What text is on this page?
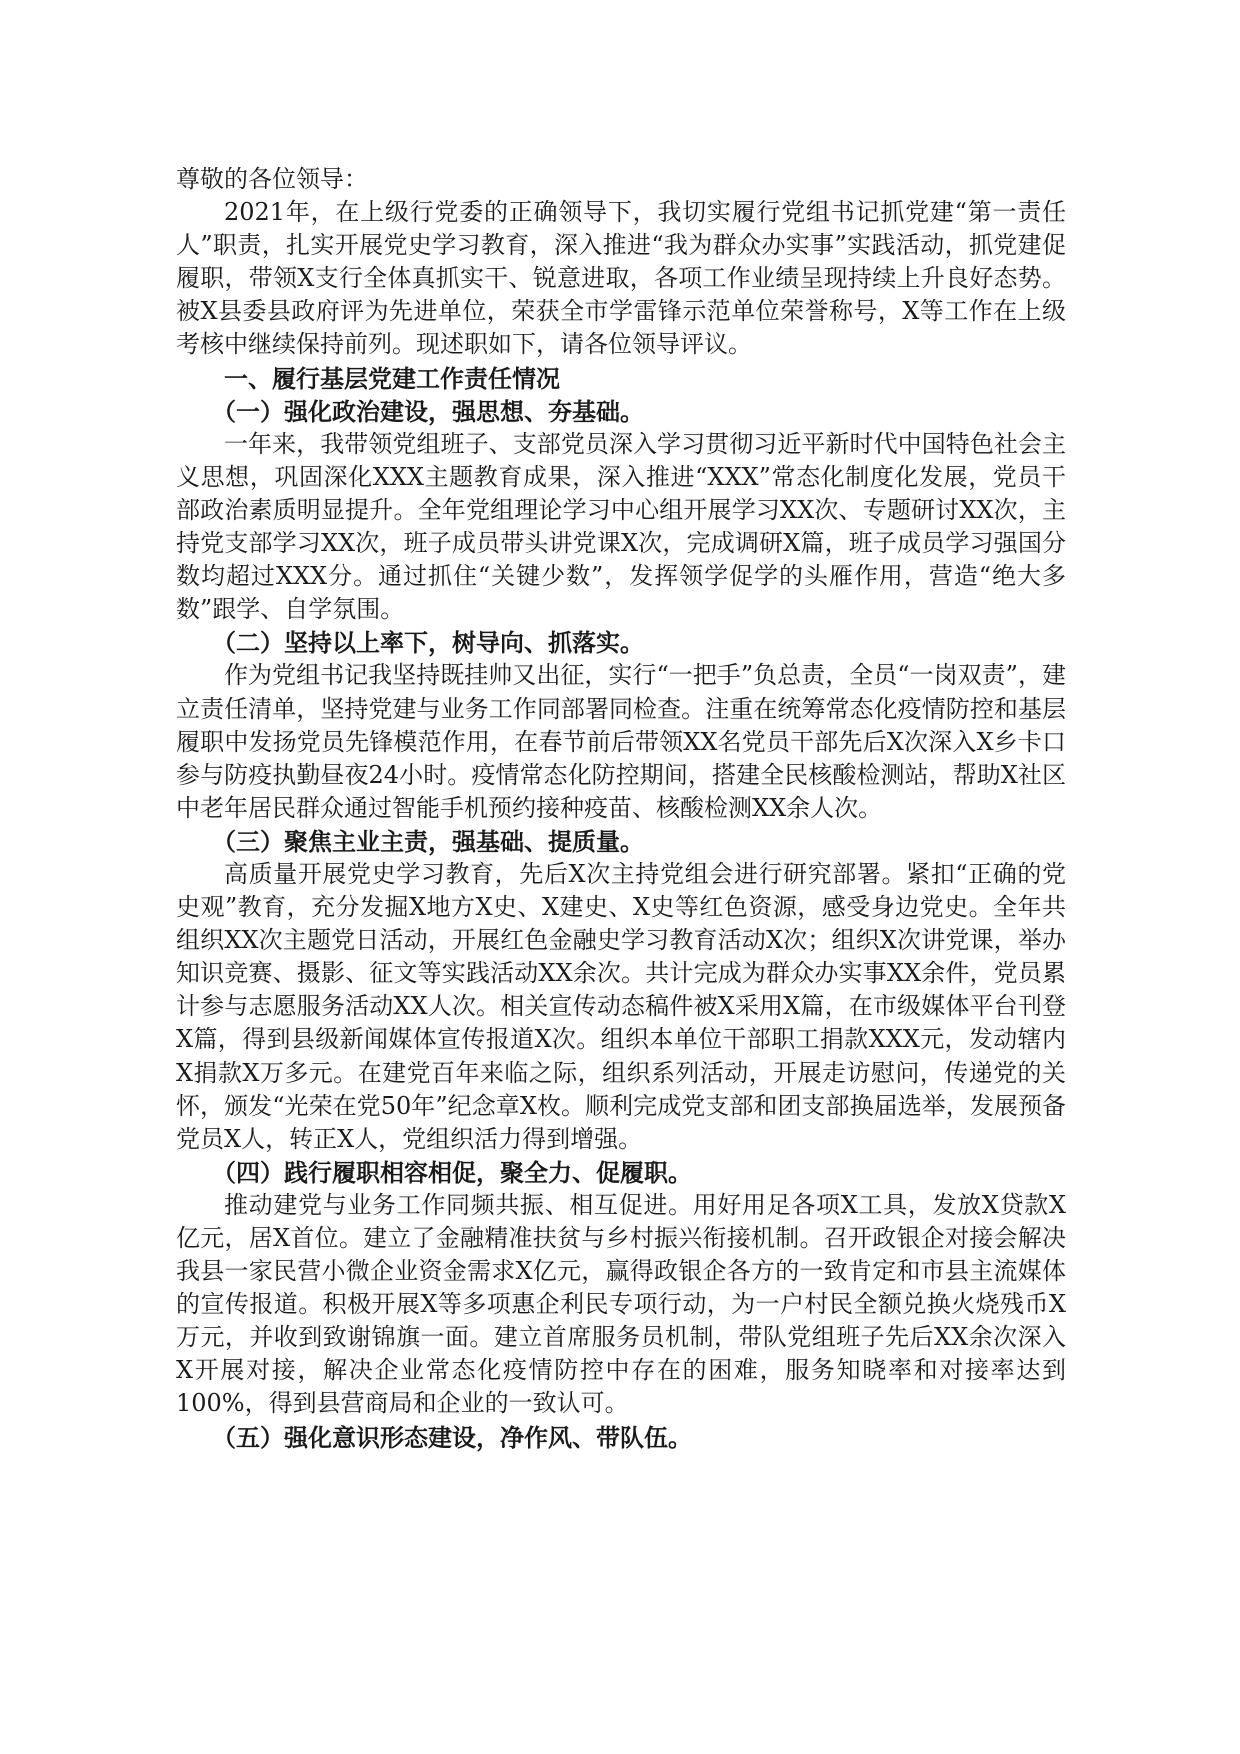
尊敬的各位领导：

2021年，在上级行党委的正确领导下，我切实履行党组书记抓党建“第一责任人”职责，扎实开展党史学习教育，深入推进“我为群众办实事”实践活动，抓党建促履职，带领X支行全体真抓实干、锐意进取，各项工作业绩呈现持续上升良好态势。被X县委县政府评为先进单位，荣获全市学雷锋示范单位荣誉称号，X等工作在上级考核中继续保持前列。现述职如下，请各位领导评议。

一、履行基层党建工作责任情况

（一）强化政治建设，强思想、夯基础。

一年来，我带领党组班子、支部党员深入学习贯彻习近平新时代中国特色社会主义思想，巩固深化XXX主题教育成果，深入推进“XXX”常态化制度化发展，党员干部政治素质明显提升。全年党组理论学习中心组开展学习XX次、专题研讨XX次，主持党支部学习XX次，班子成员带头讲党课X次，完成调研X篇，班子成员学习强国分数均超过XXX分。通过抓住“关键少数”，发挥领学促学的头雁作用，营造“绝大多数”跟学、自学氛围。

（二）坚持以上率下，树导向、抓落实。

作为党组书记我坚持既挂帅又出征，实行“一把手”负总责，全员“一岗双责”，建立责任清单，坚持党建与业务工作同部署同检查。注重在统筹常态化疫情防控和基层履职中发扬党员先锋模范作用，在春节前后带领XX名党员干部先后X次深入X乡卡口参与防疫执勤昼夜24小时。疫情常态化防控期间，搭建全民核酸检测站，帮助X社区中老年居民群众通过智能手机预约接种疫苗、核酸检测XX余人次。

（三）聚焦主业主责，强基础、提质量。

高质量开展党史学习教育，先后X次主持党组会进行研究部署。紧扣“正确的党史观”教育，充分发掘X地方X史、X建史、X史等红色资源，感受身边党史。全年共组织XX次主题党日活动，开展红色金融史学习教育活动X次；组织X次讲党课，举办知识竞赛、摄影、征文等实践活动XX余次。共计完成为群众办实事XX余件，党员累计参与志愿服务活动XX人次。相关宣传动态稿件被X采用X篇，在市级媒体平台刊登X篇，得到县级新闻媒体宣传报道X次。组织本单位干部职工捐款XXX元，发动辖内X捐款X万多元。在建党百年来临之际，组织系列活动，开展走访慰问，传递党的关怀，颁发“光荣在党50年”纪念章X枚。顺利完成党支部和团支部换届选举，发展预备党员X人，转正X人，党组织活力得到增强。

（四）践行履职相容相促，聚全力、促履职。

推动建党与业务工作同频共振、相互促进。用好用足各项X工具，发放X贷款X亿元，居X首位。建立了金融精准扶贫与乡村振兴衔接机制。召开政银企对接会解决我县一家民营小微企业资金需求X亿元，赢得政银企各方的一致肯定和市县主流媒体的宣传报道。积极开展X等多项惠企利民专项行动，为一户村民全额兑换火烧残币X万元，并收到致谢锦旗一面。建立首席服务员机制，带队党组班子先后XX余次深入X开展对接，解决企业常态化疫情防控中存在的困难，服务知晓率和对接率达到100%，得到县营商局和企业的一致认可。

（五）强化意识形态建设，净作风、带队伍。
